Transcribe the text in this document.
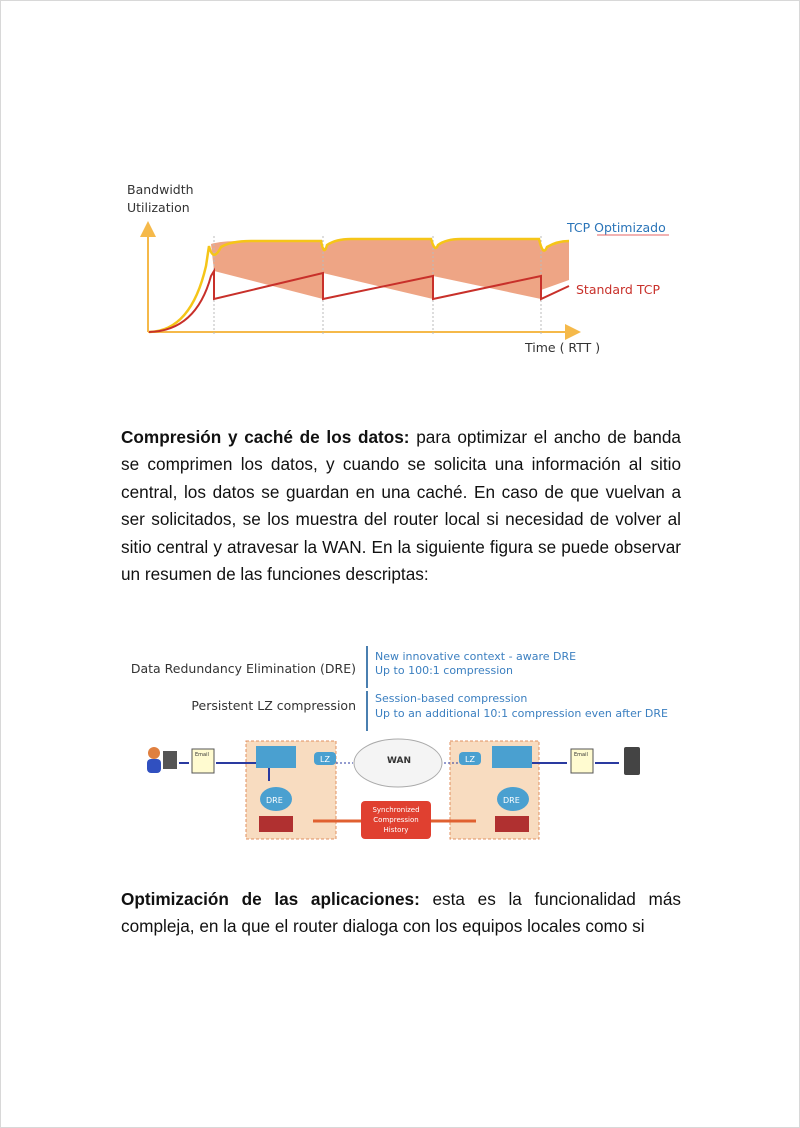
Bandwidth
Utilization
Time ( RTT )
TCP Optimizado
Standard TCP

Compresión y caché de los datos: para optimizar el ancho de banda se comprimen los datos, y cuando se solicita una información al sitio central, los datos se guardan en una caché. En caso de que vuelvan a ser solicitados, se los muestra del router local si necesidad de volver al sitio central y atravesar la WAN. En la siguiente figura se puede observar un resumen de las funciones descriptas:

Data Redundancy Elimination (DRE)
Persistent LZ compression
New innovative context - aware DRE
Up to 100:1 compression
Session-based compression
Up to an additional 10:1 compression even after DRE
Email	Email
LZ	LZ
DRE	DRE
WAN
Synchronized
Compression
History

Optimización de las aplicaciones: esta es la funcionalidad más compleja, en la que el router dialoga con los equipos locales como si
